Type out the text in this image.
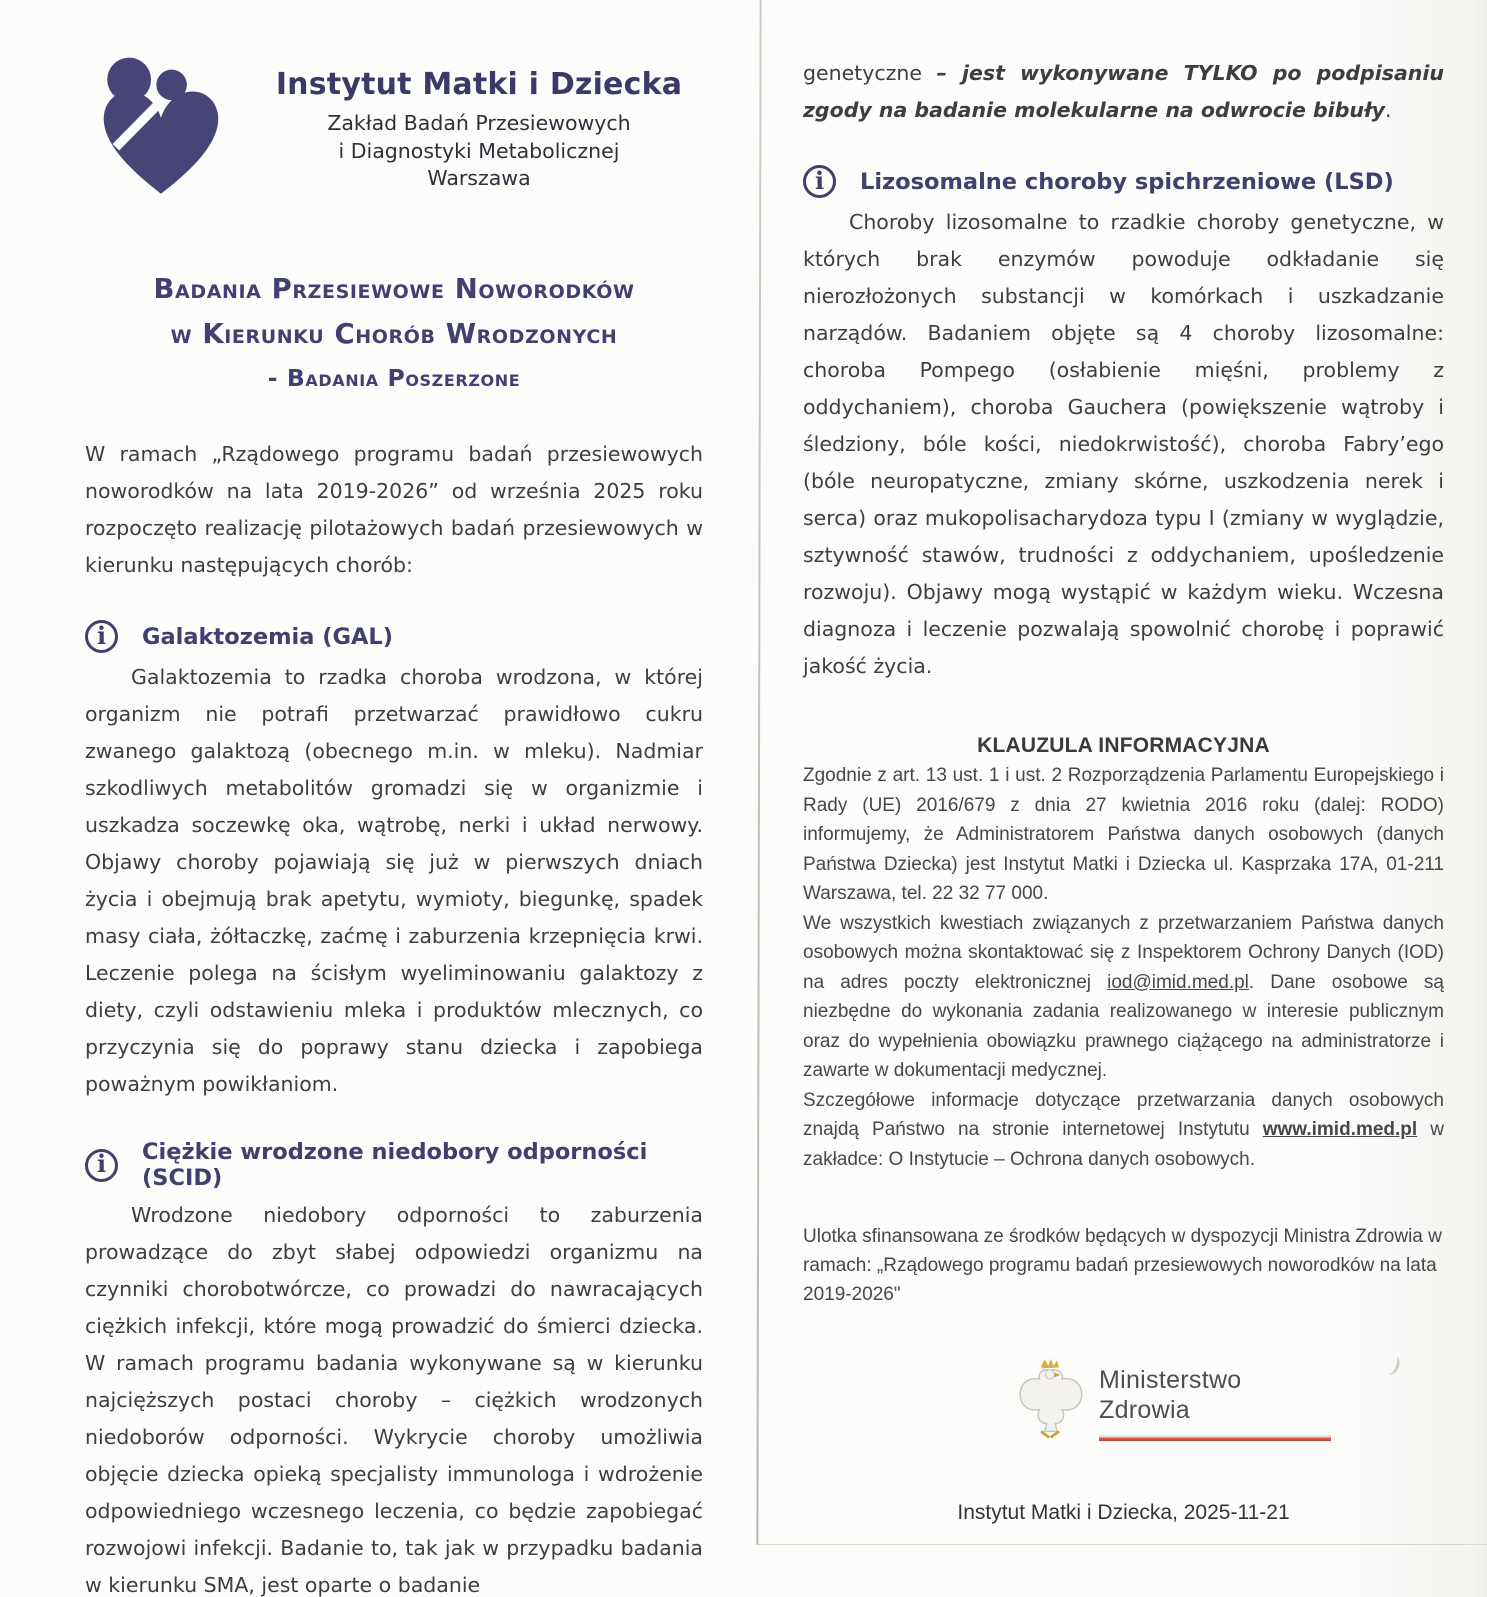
Instytut Matki i Dziecka
Zakład Badań Przesiewowych
i Diagnostyki Metabolicznej
Warszawa
Badania Przesiewowe Noworodków
w Kierunku Chorób Wrodzonych
- Badania Poszerzone

W ramach „Rządowego programu badań przesiewowych noworodków na lata 2019-2026” od września 2025 roku rozpoczęto realizację pilotażowych badań przesiewowych w kierunku następujących chorób:

i	Galaktozemia (GAL)

Galaktozemia to rzadka choroba wrodzona, w której organizm nie potrafi przetwarzać prawidłowo cukru zwanego galaktozą (obecnego m.in. w mleku). Nadmiar szkodliwych metabolitów gromadzi się w organizmie i uszkadza soczewkę oka, wątrobę, nerki i układ nerwowy. Objawy choroby pojawiają się już w pierwszych dniach życia i obejmują brak apetytu, wymioty, biegunkę, spadek masy ciała, żółtaczkę, zaćmę i zaburzenia krzepnięcia krwi. Leczenie polega na ścisłym wyeliminowaniu galaktozy z diety, czyli odstawieniu mleka i produktów mlecznych, co przyczynia się do poprawy stanu dziecka i zapobiega poważnym powikłaniom.

i	Ciężkie wrodzone niedobory odporności (SCID)

Wrodzone niedobory odporności to zaburzenia prowadzące do zbyt słabej odpowiedzi organizmu na czynniki chorobotwórcze, co prowadzi do nawracających ciężkich infekcji, które mogą prowadzić do śmierci dziecka. W ramach programu badania wykonywane są w kierunku najcięższych postaci choroby – ciężkich wrodzonych niedoborów odporności. Wykrycie choroby umożliwia objęcie dziecka opieką specjalisty immunologa i wdrożenie odpowiedniego wczesnego leczenia, co będzie zapobiegać rozwojowi infekcji. Badanie to, tak jak w przypadku badania w kierunku SMA, jest oparte o badanie

genetyczne – jest wykonywane TYLKO po podpisaniu zgody na badanie molekularne na odwrocie bibuły.

i	Lizosomalne choroby spichrzeniowe (LSD)

Choroby lizosomalne to rzadkie choroby genetyczne, w których brak enzymów powoduje odkładanie się nierozłożonych substancji w komórkach i uszkadzanie narządów. Badaniem objęte są 4 choroby lizosomalne: choroba Pompego (osłabienie mięśni, problemy z oddychaniem), choroba Gauchera (powiększenie wątroby i śledziony, bóle kości, niedokrwistość), choroba Fabry’ego (bóle neuropatyczne, zmiany skórne, uszkodzenia nerek i serca) oraz mukopolisacharydoza typu I (zmiany w wyglądzie, sztywność stawów, trudności z oddychaniem, upośledzenie rozwoju). Objawy mogą wystąpić w każdym wieku. Wczesna diagnoza i leczenie pozwalają spowolnić chorobę i poprawić jakość życia.

KLAUZULA INFORMACYJNA

Zgodnie z art. 13 ust. 1 i ust. 2 Rozporządzenia Parlamentu Europejskiego i Rady (UE) 2016/679 z dnia 27 kwietnia 2016 roku (dalej: RODO) informujemy, że Administratorem Państwa danych osobowych (danych Państwa Dziecka) jest Instytut Matki i Dziecka ul. Kasprzaka 17A, 01-211 Warszawa, tel. 22 32 77 000.

We wszystkich kwestiach związanych z przetwarzaniem Państwa danych osobowych można skontaktować się z Inspektorem Ochrony Danych (IOD) na adres poczty elektronicznej iod@imid.med.pl. Dane osobowe są niezbędne do wykonania zadania realizowanego w interesie publicznym oraz do wypełnienia obowiązku prawnego ciążącego na administratorze i zawarte w dokumentacji medycznej.

Szczegółowe informacje dotyczące przetwarzania danych osobowych znajdą Państwo na stronie internetowej Instytutu www.imid.med.pl w zakładce: O Instytucie – Ochrona danych osobowych.

Ulotka sfinansowana ze środków będących w dyspozycji Ministra Zdrowia w ramach: „Rządowego programu badań przesiewowych noworodków na lata 2019-2026"

Ministerstwo
Zdrowia
Instytut Matki i Dziecka, 2025-11-21
